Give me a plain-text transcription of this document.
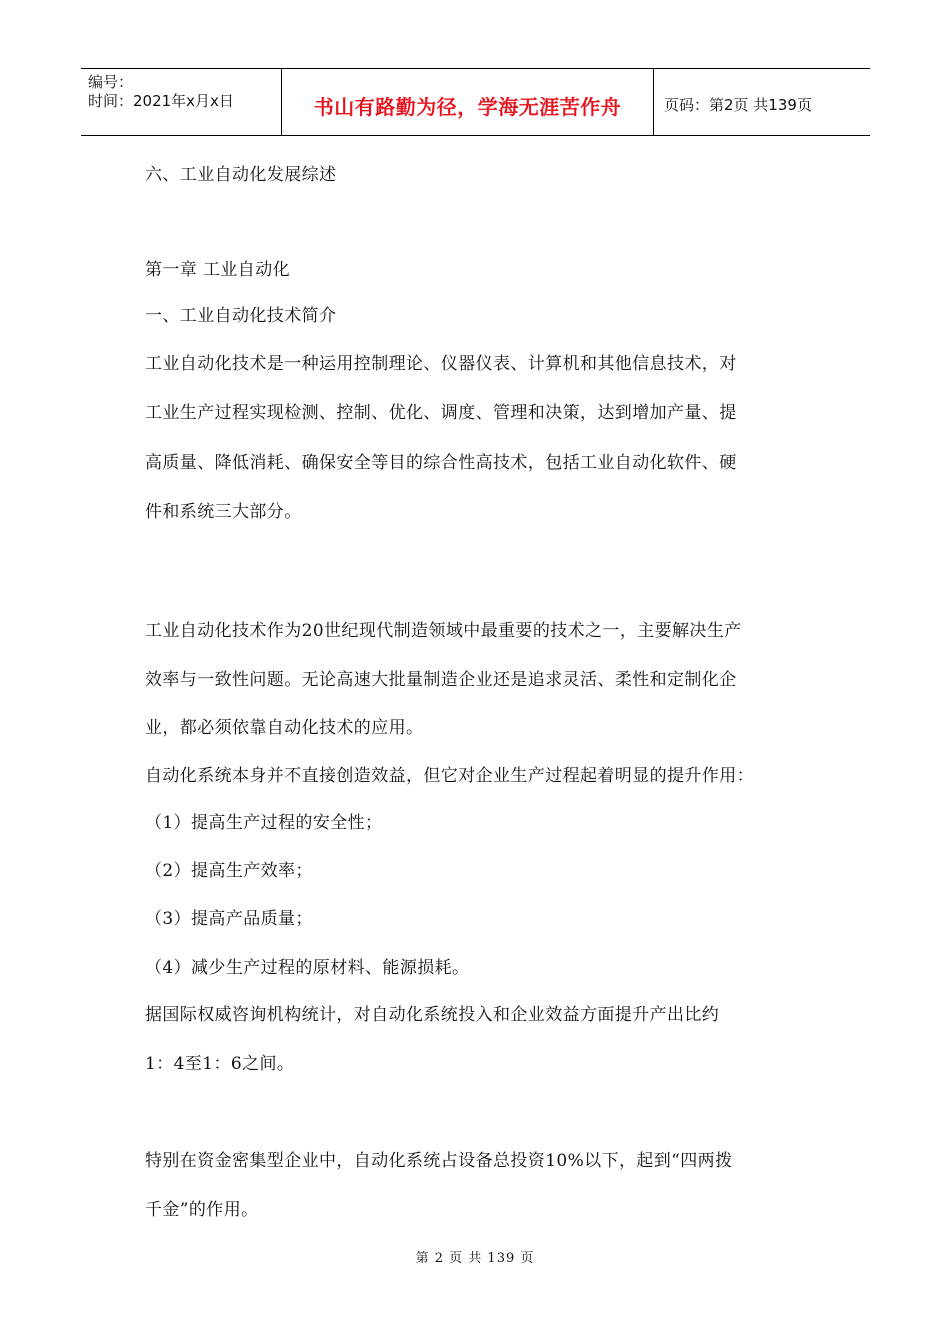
编号：
时间：2021年x月x日	书山有路勤为径，学海无涯苦作舟	页码：第2页 共139页

六、工业自动化发展综述

第一章 工业自动化

一、工业自动化技术简介

工业自动化技术是一种运用控制理论、仪器仪表、计算机和其他信息技术，对

工业生产过程实现检测、控制、优化、调度、管理和决策，达到增加产量、提

高质量、降低消耗、确保安全等目的综合性高技术，包括工业自动化软件、硬

件和系统三大部分。

工业自动化技术作为20世纪现代制造领域中最重要的技术之一，主要解决生产

效率与一致性问题。无论高速大批量制造企业还是追求灵活、柔性和定制化企

业，都必须依靠自动化技术的应用。

自动化系统本身并不直接创造效益，但它对企业生产过程起着明显的提升作用：

（1）提高生产过程的安全性；

（2）提高生产效率；

（3）提高产品质量；

（4）减少生产过程的原材料、能源损耗。

据国际权威咨询机构统计，对自动化系统投入和企业效益方面提升产出比约

1：4至1：6之间。

特别在资金密集型企业中，自动化系统占设备总投资10%以下，起到“四两拨

千金”的作用。

第 2 页 共 139 页
